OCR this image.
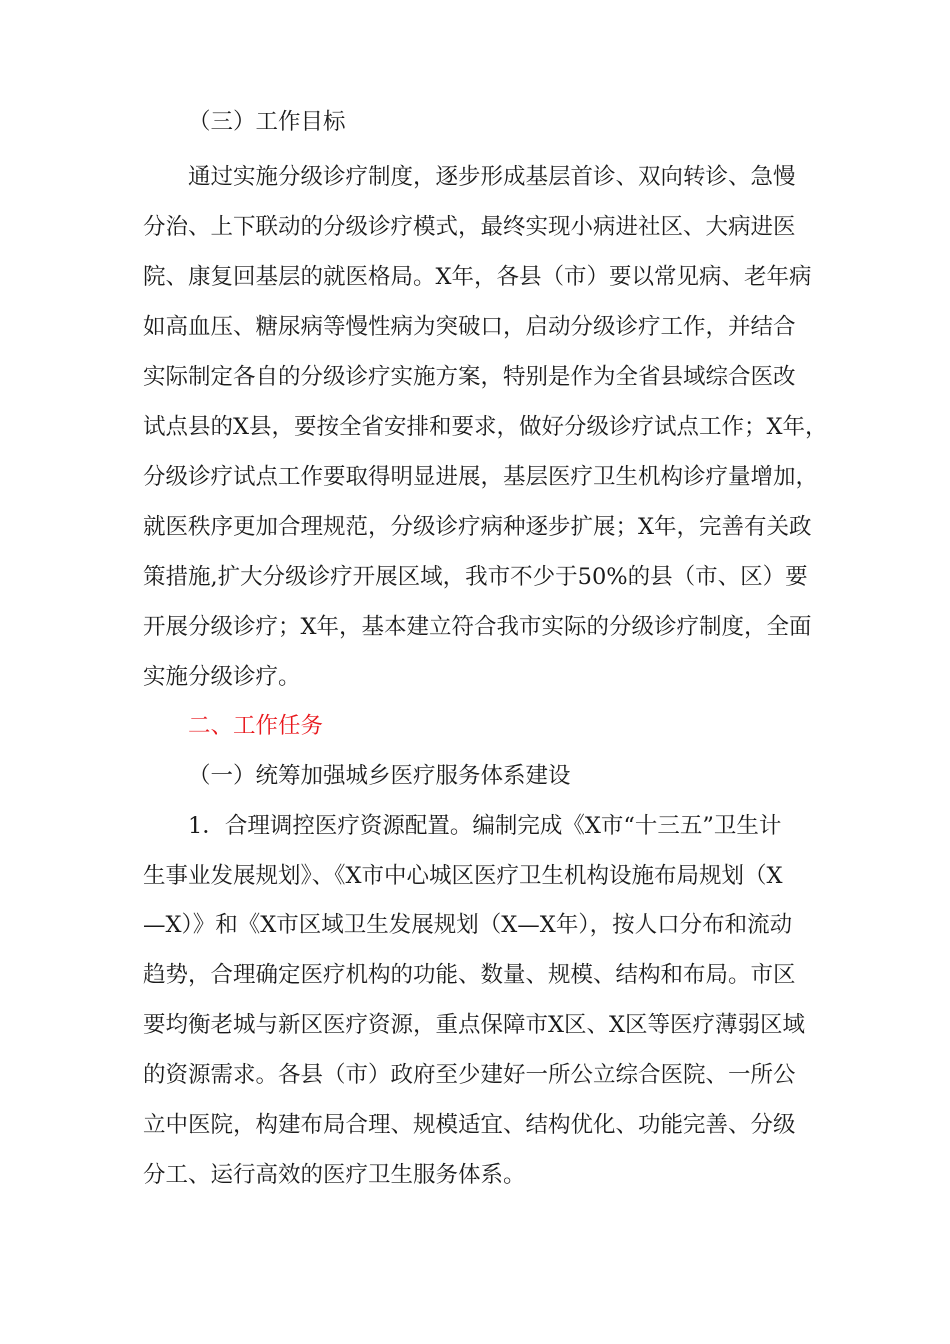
（三）工作目标
通过实施分级诊疗制度，逐步形成基层首诊、双向转诊、急慢
分治、上下联动的分级诊疗模式，最终实现小病进社区、大病进医
院、康复回基层的就医格局。X年，各县（市）要以常见病、老年病
如高血压、糖尿病等慢性病为突破口，启动分级诊疗工作，并结合
实际制定各自的分级诊疗实施方案，特别是作为全省县域综合医改
试点县的X县，要按全省安排和要求，做好分级诊疗试点工作；X年，
分级诊疗试点工作要取得明显进展，基层医疗卫生机构诊疗量增加，
就医秩序更加合理规范，分级诊疗病种逐步扩展；X年，完善有关政
策措施,扩大分级诊疗开展区域，我市不少于50%的县（市、区）要
开展分级诊疗；X年，基本建立符合我市实际的分级诊疗制度，全面
实施分级诊疗。
二、工作任务
（一）统筹加强城乡医疗服务体系建设
1．合理调控医疗资源配置。编制完成《X市“十三五”卫生计
生事业发展规划》、《X市中心城区医疗卫生机构设施布局规划（X
—X）》和《X市区域卫生发展规划（X—X年），按人口分布和流动
趋势，合理确定医疗机构的功能、数量、规模、结构和布局。市区
要均衡老城与新区医疗资源，重点保障市X区、X区等医疗薄弱区域
的资源需求。各县（市）政府至少建好一所公立综合医院、一所公
立中医院，构建布局合理、规模适宜、结构优化、功能完善、分级
分工、运行高效的医疗卫生服务体系。
